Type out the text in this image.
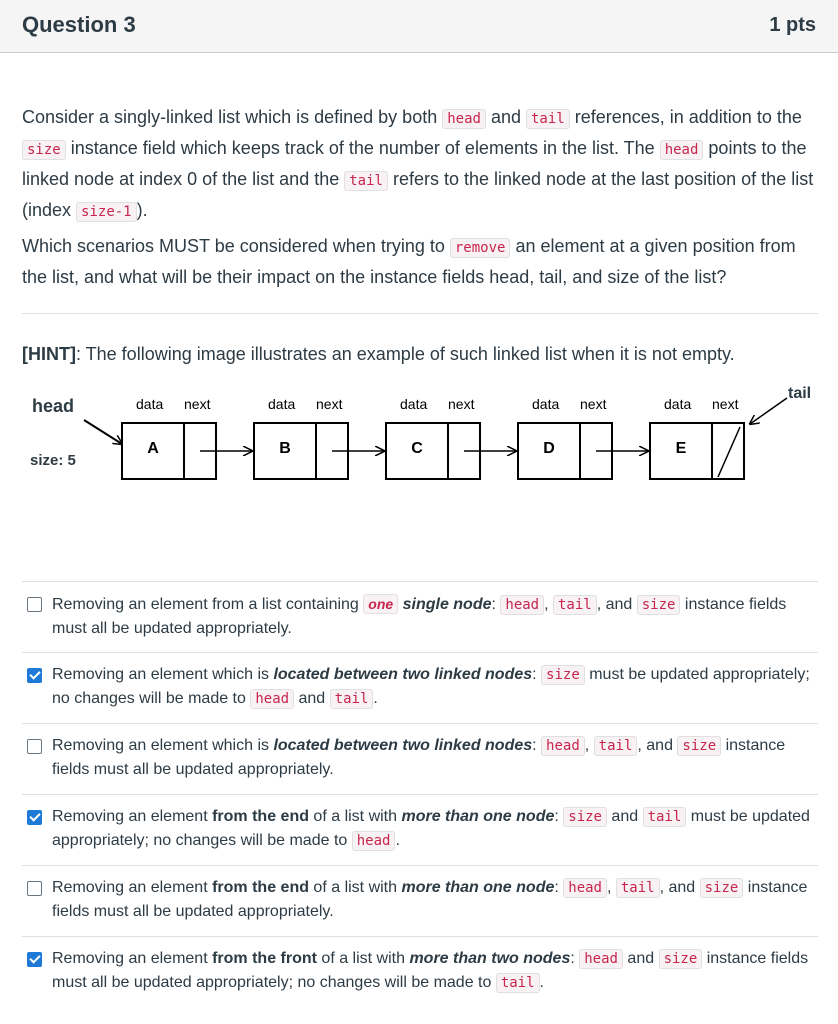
Question 3	1 pts
Consider a singly-linked list which is defined by both head and tail references, in addition to the size instance field which keeps track of the number of elements in the list. The head points to the linked node at index 0 of the list and the tail refers to the linked node at the last position of the list (index size-1 ).
Which scenarios MUST be considered when trying to remove an element at a given position from the list, and what will be their impact on the instance fields head, tail, and size of the list?
[HINT]: The following image illustrates an example of such linked list when it is not empty.
head
size: 5
tail
data next
A
data next
B
data next
C
data next
D
data next
E
Removing an element from a list containing one single node: head , tail , and size instance fields must all be updated appropriately.
Removing an element which is located between two linked nodes: size must be updated appropriately; no changes will be made to head and tail .
Removing an element which is located between two linked nodes: head , tail , and size instance fields must all be updated appropriately.
Removing an element from the end of a list with more than one node: size and tail must be updated appropriately; no changes will be made to head .
Removing an element from the end of a list with more than one node: head , tail , and size instance fields must all be updated appropriately.
Removing an element from the front of a list with more than two nodes: head and size instance fields must all be updated appropriately; no changes will be made to tail .
